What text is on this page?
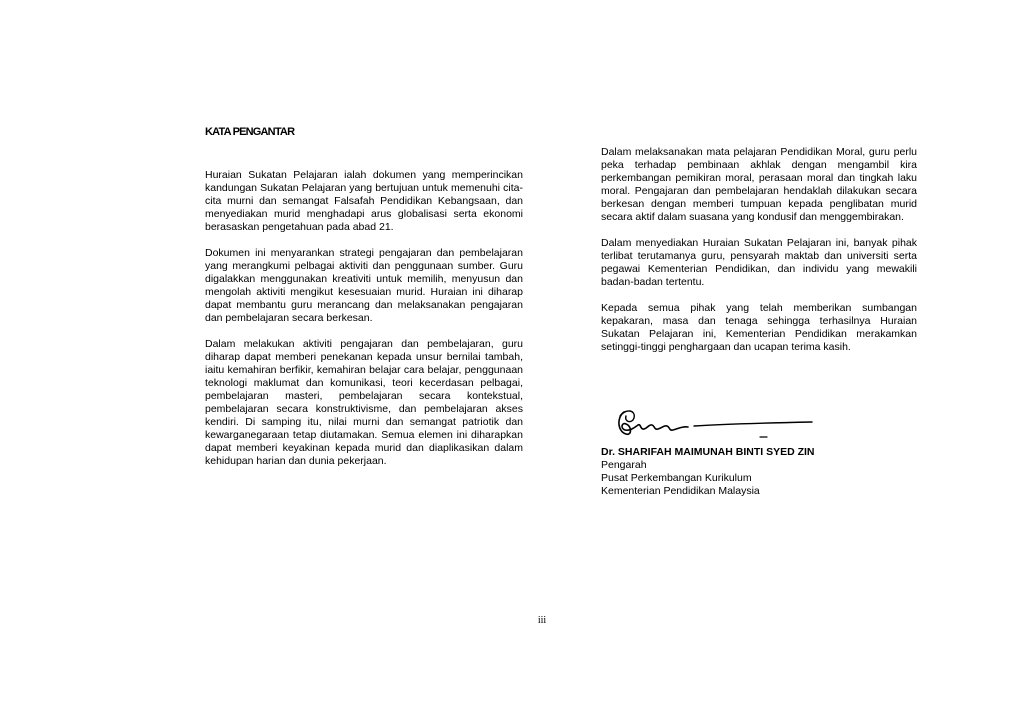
KATA PENGANTAR

Huraian Sukatan Pelajaran ialah dokumen yang memperincikan kandungan Sukatan Pelajaran yang bertujuan untuk memenuhi cita-cita murni dan semangat Falsafah Pendidikan Kebangsaan, dan menyediakan murid menghadapi arus globalisasi serta ekonomi berasaskan pengetahuan pada abad 21.

Dokumen ini menyarankan strategi pengajaran dan pembelajaran yang merangkumi pelbagai aktiviti dan penggunaan sumber. Guru digalakkan menggunakan kreativiti untuk memilih, menyusun dan mengolah aktiviti mengikut kesesuaian murid. Huraian ini diharap dapat membantu guru merancang dan melaksanakan pengajaran dan pembelajaran secara berkesan.

Dalam melakukan aktiviti pengajaran dan pembelajaran, guru diharap dapat memberi penekanan kepada unsur bernilai tambah, iaitu kemahiran berfikir, kemahiran belajar cara belajar, penggunaan teknologi maklumat dan komunikasi, teori kecerdasan pelbagai, pembelajaran masteri, pembelajaran secara kontekstual, pembelajaran secara konstruktivisme, dan pembelajaran akses kendiri. Di samping itu, nilai murni dan semangat patriotik dan kewarganegaraan tetap diutamakan. Semua elemen ini diharapkan dapat memberi keyakinan kepada murid dan diaplikasikan dalam kehidupan harian dan dunia pekerjaan.

Dalam melaksanakan mata pelajaran Pendidikan Moral, guru perlu peka terhadap pembinaan akhlak dengan mengambil kira perkembangan pemikiran moral, perasaan moral dan tingkah laku moral. Pengajaran dan pembelajaran hendaklah dilakukan secara berkesan dengan memberi tumpuan kepada penglibatan murid secara aktif dalam suasana yang kondusif dan menggembirakan.

Dalam menyediakan Huraian Sukatan Pelajaran ini, banyak pihak terlibat terutamanya guru, pensyarah maktab dan universiti serta pegawai Kementerian Pendidikan, dan individu yang mewakili badan-badan tertentu.

Kepada semua pihak yang telah memberikan sumbangan kepakaran, masa dan tenaga sehingga terhasilnya Huraian Sukatan Pelajaran ini, Kementerian Pendidikan merakamkan setinggi-tinggi penghargaan dan ucapan terima kasih.

Dr. SHARIFAH MAIMUNAH BINTI SYED ZIN
Pengarah
Pusat Perkembangan Kurikulum
Kementerian Pendidikan Malaysia
iii
